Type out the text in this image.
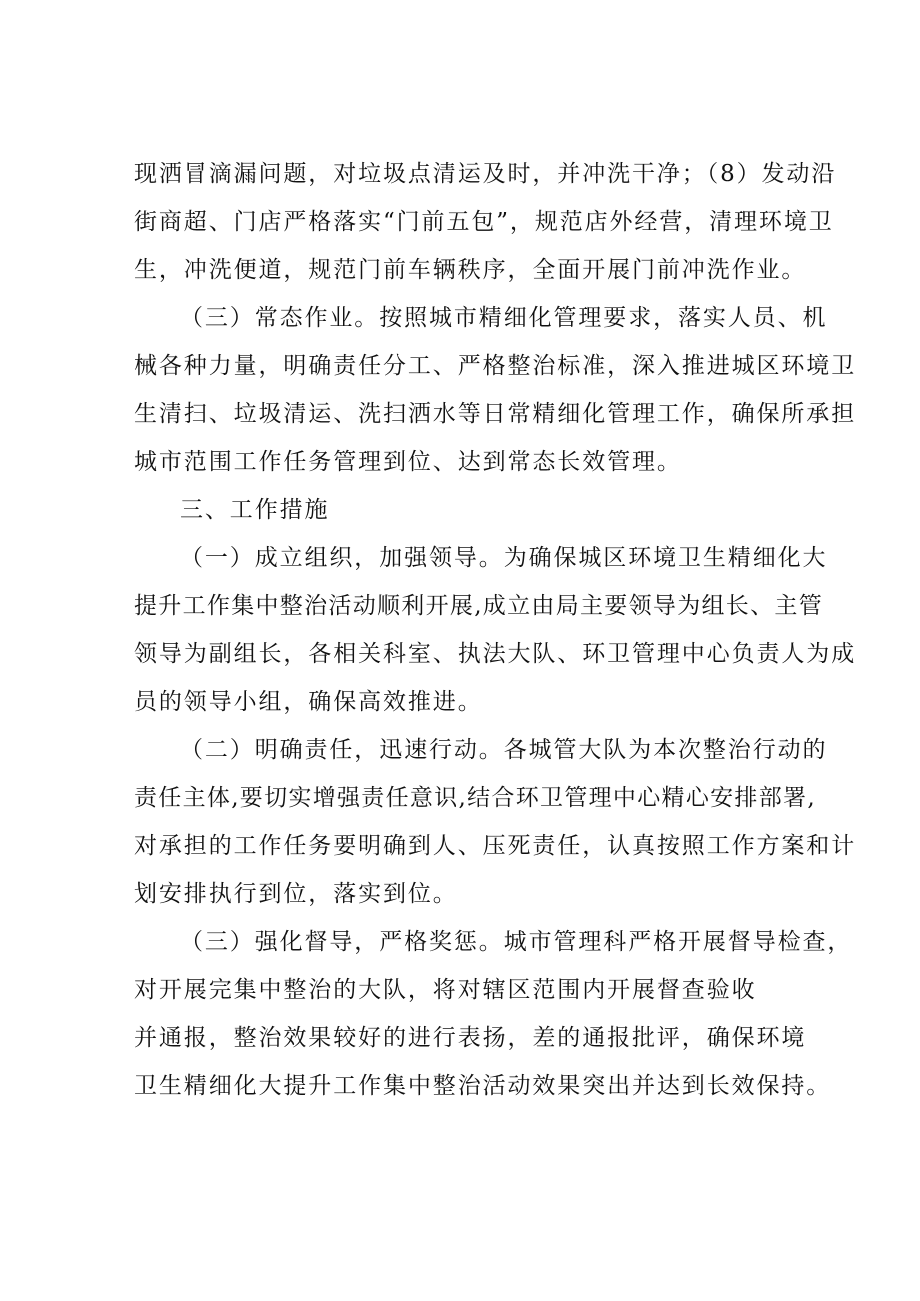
现洒冒滴漏问题，对垃圾点清运及时，并冲洗干净；（8）发动沿
街商超、门店严格落实“门前五包”，规范店外经营，清理环境卫
生，冲洗便道，规范门前车辆秩序，全面开展门前冲洗作业。
（三）常态作业。按照城市精细化管理要求，落实人员、机
械各种力量，明确责任分工、严格整治标准，深入推进城区环境卫
生清扫、垃圾清运、洗扫洒水等日常精细化管理工作，确保所承担
城市范围工作任务管理到位、达到常态长效管理。
三、工作措施
（一）成立组织，加强领导。为确保城区环境卫生精细化大
提升工作集中整治活动顺利开展,成立由局主要领导为组长、主管
领导为副组长，各相关科室、执法大队、环卫管理中心负责人为成
员的领导小组，确保高效推进。
（二）明确责任，迅速行动。各城管大队为本次整治行动的
责任主体,要切实增强责任意识,结合环卫管理中心精心安排部署,
对承担的工作任务要明确到人、压死责任，认真按照工作方案和计
划安排执行到位，落实到位。
（三）强化督导，严格奖惩。城市管理科严格开展督导检查，
对开展完集中整治的大队，将对辖区范围内开展督查验收
并通报，整治效果较好的进行表扬，差的通报批评，确保环境
卫生精细化大提升工作集中整治活动效果突出并达到长效保持。
